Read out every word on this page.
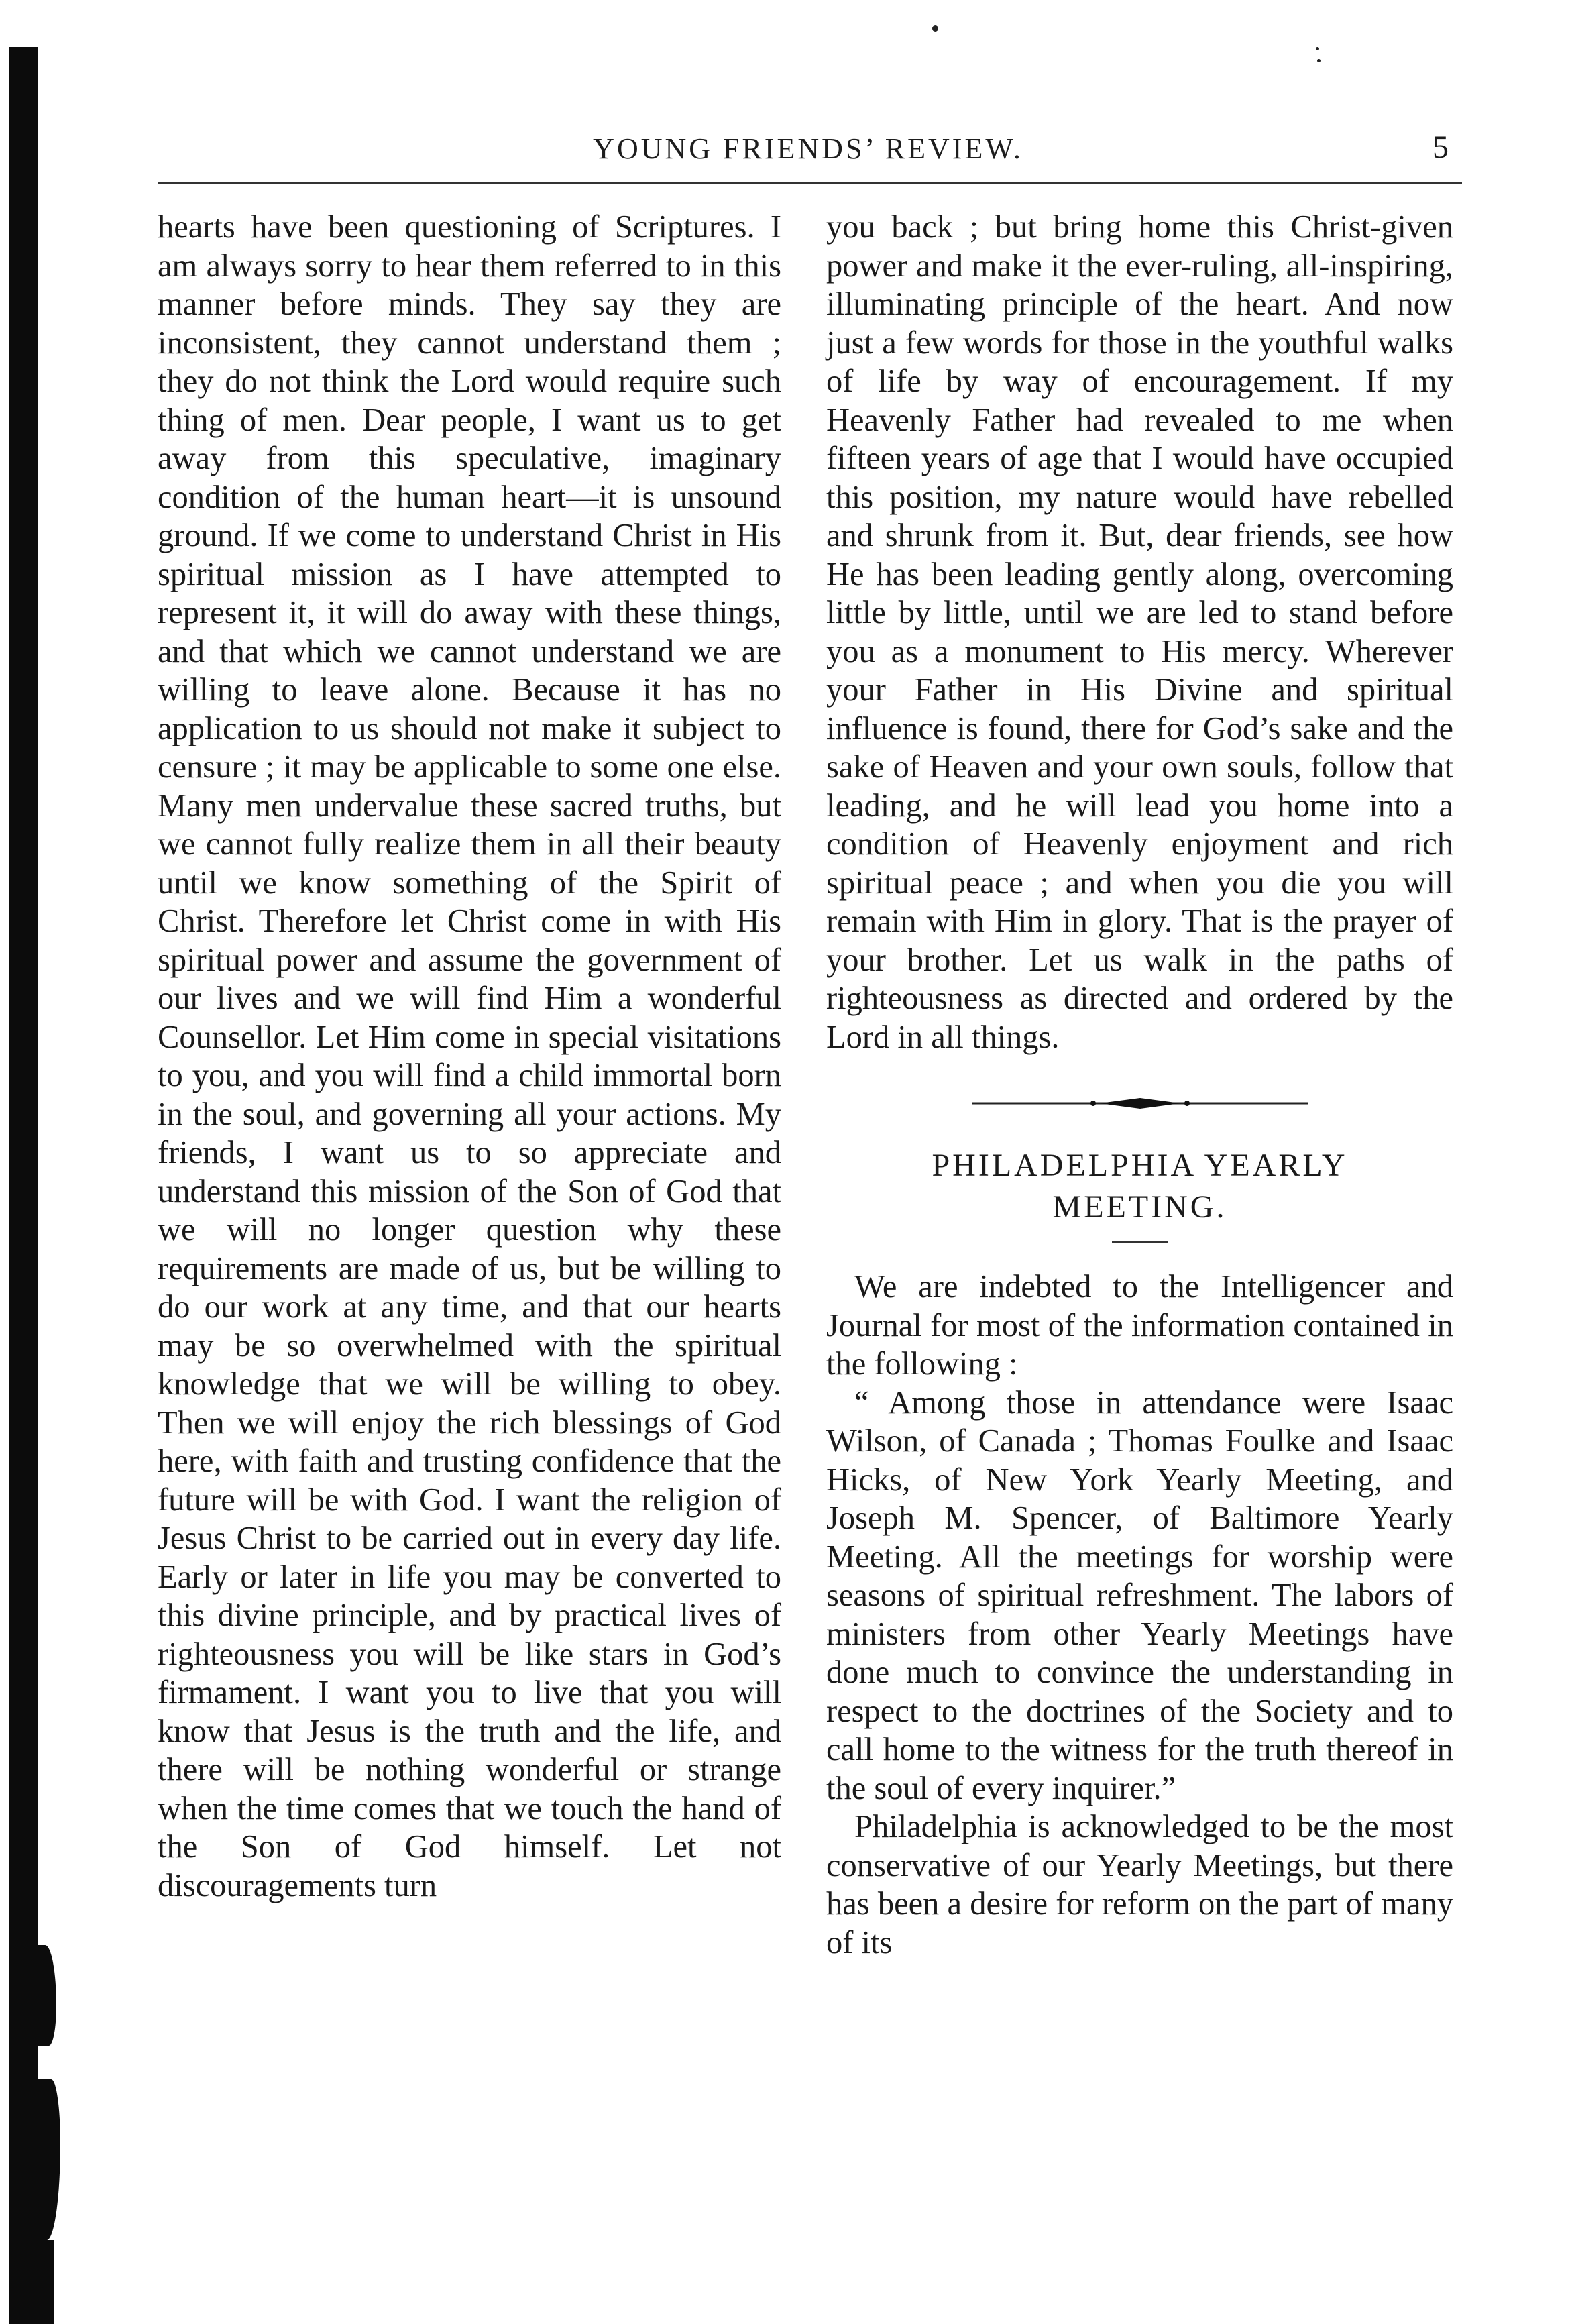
YOUNG FRIENDS’ REVIEW.	5

hearts have been questioning of Scriptures. I am always sorry to hear them referred to in this manner before minds. They say they are inconsistent, they cannot understand them ; they do not think the Lord would require such thing of men. Dear people, I want us to get away from this speculative, imaginary condition of the human heart—it is unsound ground. If we come to understand Christ in His spiritual mission as I have attempted to represent it, it will do away with these things, and that which we cannot understand we are willing to leave alone. Because it has no application to us should not make it subject to censure ; it may be applicable to some one else. Many men undervalue these sacred truths, but we cannot fully realize them in all their beauty until we know something of the Spirit of Christ. Therefore let Christ come in with His spiritual power and assume the government of our lives and we will find Him a wonderful Counsellor. Let Him come in special visitations to you, and you will find a child immortal born in the soul, and governing all your actions. My friends, I want us to so appreciate and understand this mission of the Son of God that we will no longer question why these requirements are made of us, but be willing to do our work at any time, and that our hearts may be so overwhelmed with the spiritual knowledge that we will be willing to obey. Then we will enjoy the rich blessings of God here, with faith and trusting confidence that the future will be with God. I want the religion of Jesus Christ to be carried out in every day life. Early or later in life you may be converted to this divine principle, and by practical lives of righteousness you will be like stars in God’s firmament. I want you to live that you will know that Jesus is the truth and the life, and there will be nothing wonderful or strange when the time comes that we touch the hand of the Son of God himself. Let not discouragements turn

you back ; but bring home this Christ-given power and make it the ever-ruling, all-inspiring, illuminating principle of the heart. And now just a few words for those in the youthful walks of life by way of encouragement. If my Heavenly Father had revealed to me when fifteen years of age that I would have occupied this position, my nature would have rebelled and shrunk from it. But, dear friends, see how He has been leading gently along, overcoming little by little, until we are led to stand before you as a monument to His mercy. Wherever your Father in His Divine and spiritual influence is found, there for God’s sake and the sake of Heaven and your own souls, follow that leading, and he will lead you home into a condition of Heavenly enjoyment and rich spiritual peace ; and when you die you will remain with Him in glory. That is the prayer of your brother. Let us walk in the paths of righteousness as directed and ordered by the Lord in all things.

PHILADELPHIA YEARLY

MEETING.

We are indebted to the Intelligencer and Journal for most of the information contained in the following :

“ Among those in attendance were Isaac Wilson, of Canada ; Thomas Foulke and Isaac Hicks, of New York Yearly Meeting, and Joseph M. Spencer, of Baltimore Yearly Meeting. All the meetings for worship were seasons of spiritual refreshment. The labors of ministers from other Yearly Meetings have done much to convince the understanding in respect to the doctrines of the Society and to call home to the witness for the truth thereof in the soul of every inquirer.”

Philadelphia is acknowledged to be the most conservative of our Yearly Meetings, but there has been a desire for reform on the part of many of its
